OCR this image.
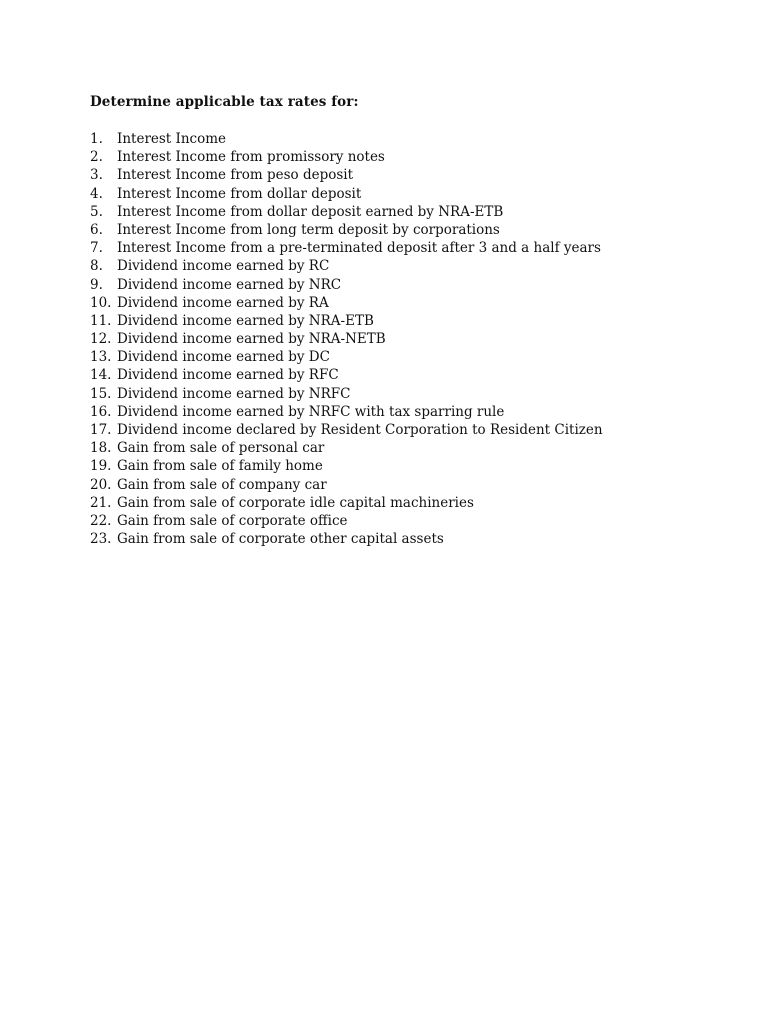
Determine applicable tax rates for:
1.	Interest Income
2.	Interest Income from promissory notes
3.	Interest Income from peso deposit
4.	Interest Income from dollar deposit
5.	Interest Income from dollar deposit earned by NRA-ETB
6.	Interest Income from long term deposit by corporations
7.	Interest Income from a pre-terminated deposit after 3 and a half years
8.	Dividend income earned by RC
9.	Dividend income earned by NRC
10. Dividend income earned by RA
11. Dividend income earned by NRA-ETB
12. Dividend income earned by NRA-NETB
13. Dividend income earned by DC
14. Dividend income earned by RFC
15. Dividend income earned by NRFC
16. Dividend income earned by NRFC with tax sparring rule
17. Dividend income declared by Resident Corporation to Resident Citizen
18. Gain from sale of personal car
19. Gain from sale of family home
20. Gain from sale of company car
21. Gain from sale of corporate idle capital machineries
22. Gain from sale of corporate office
23. Gain from sale of corporate other capital assets
